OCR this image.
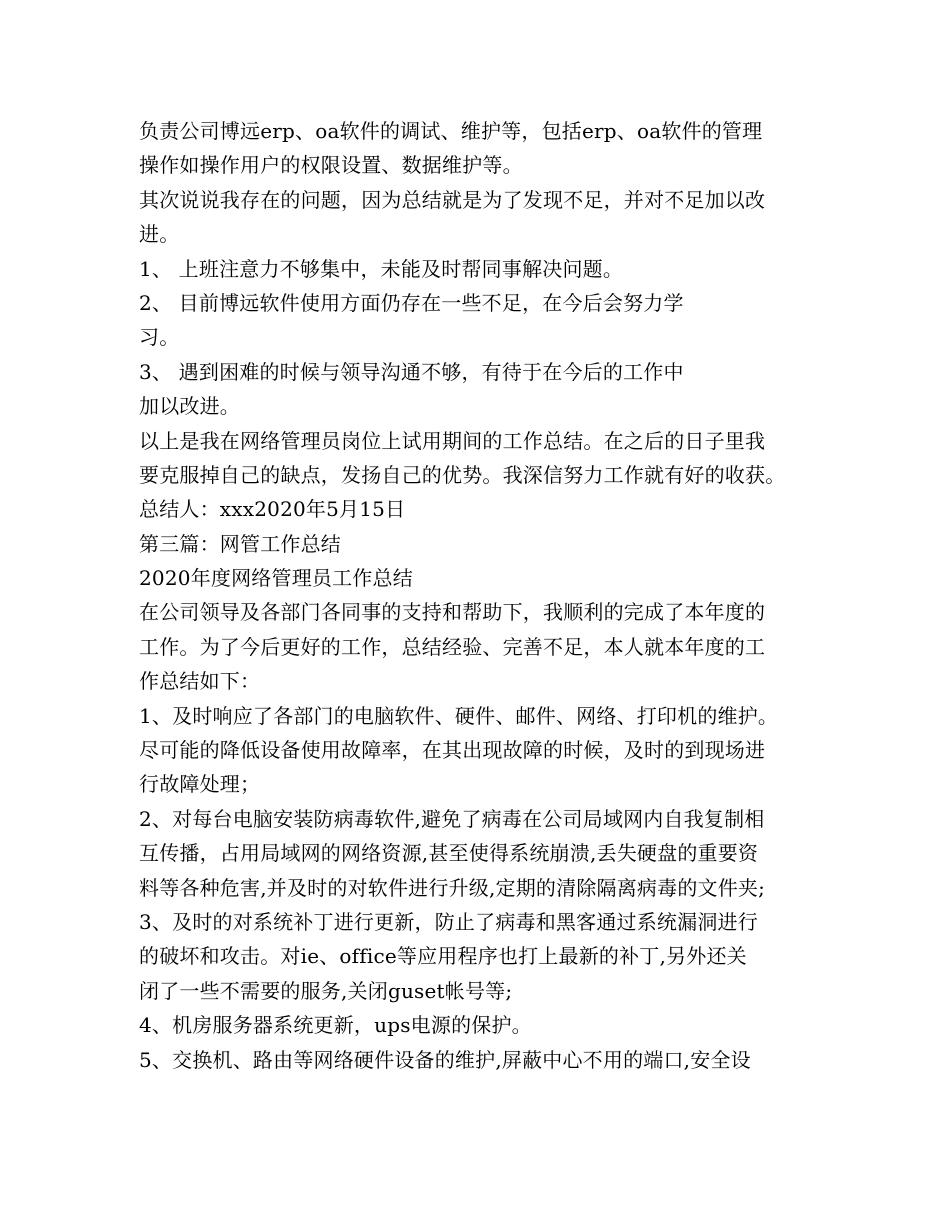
负责公司博远erp、oa软件的调试、维护等，包括erp、oa软件的管理
操作如操作用户的权限设置、数据维护等。
其次说说我存在的问题，因为总结就是为了发现不足，并对不足加以改
进。
1、 上班注意力不够集中，未能及时帮同事解决问题。
2、 目前博远软件使用方面仍存在一些不足，在今后会努力学
习。
3、 遇到困难的时候与领导沟通不够，有待于在今后的工作中
加以改进。
以上是我在网络管理员岗位上试用期间的工作总结。在之后的日子里我
要克服掉自己的缺点，发扬自己的优势。我深信努力工作就有好的收获。
总结人：xxx2020年5月15日
第三篇：网管工作总结
2020年度网络管理员工作总结
在公司领导及各部门各同事的支持和帮助下，我顺利的完成了本年度的
工作。为了今后更好的工作，总结经验、完善不足，本人就本年度的工
作总结如下：
1、及时响应了各部门的电脑软件、硬件、邮件、网络、打印机的维护。
尽可能的降低设备使用故障率，在其出现故障的时候，及时的到现场进
行故障处理；
2、对每台电脑安装防病毒软件,避免了病毒在公司局域网内自我复制相
互传播，占用局域网的网络资源,甚至使得系统崩溃,丢失硬盘的重要资
料等各种危害,并及时的对软件进行升级,定期的清除隔离病毒的文件夹;
3、及时的对系统补丁进行更新，防止了病毒和黑客通过系统漏洞进行
的破坏和攻击。对ie、office等应用程序也打上最新的补丁,另外还关
闭了一些不需要的服务,关闭guset帐号等;
4、机房服务器系统更新，ups电源的保护。
5、交换机、路由等网络硬件设备的维护,屏蔽中心不用的端口,安全设
